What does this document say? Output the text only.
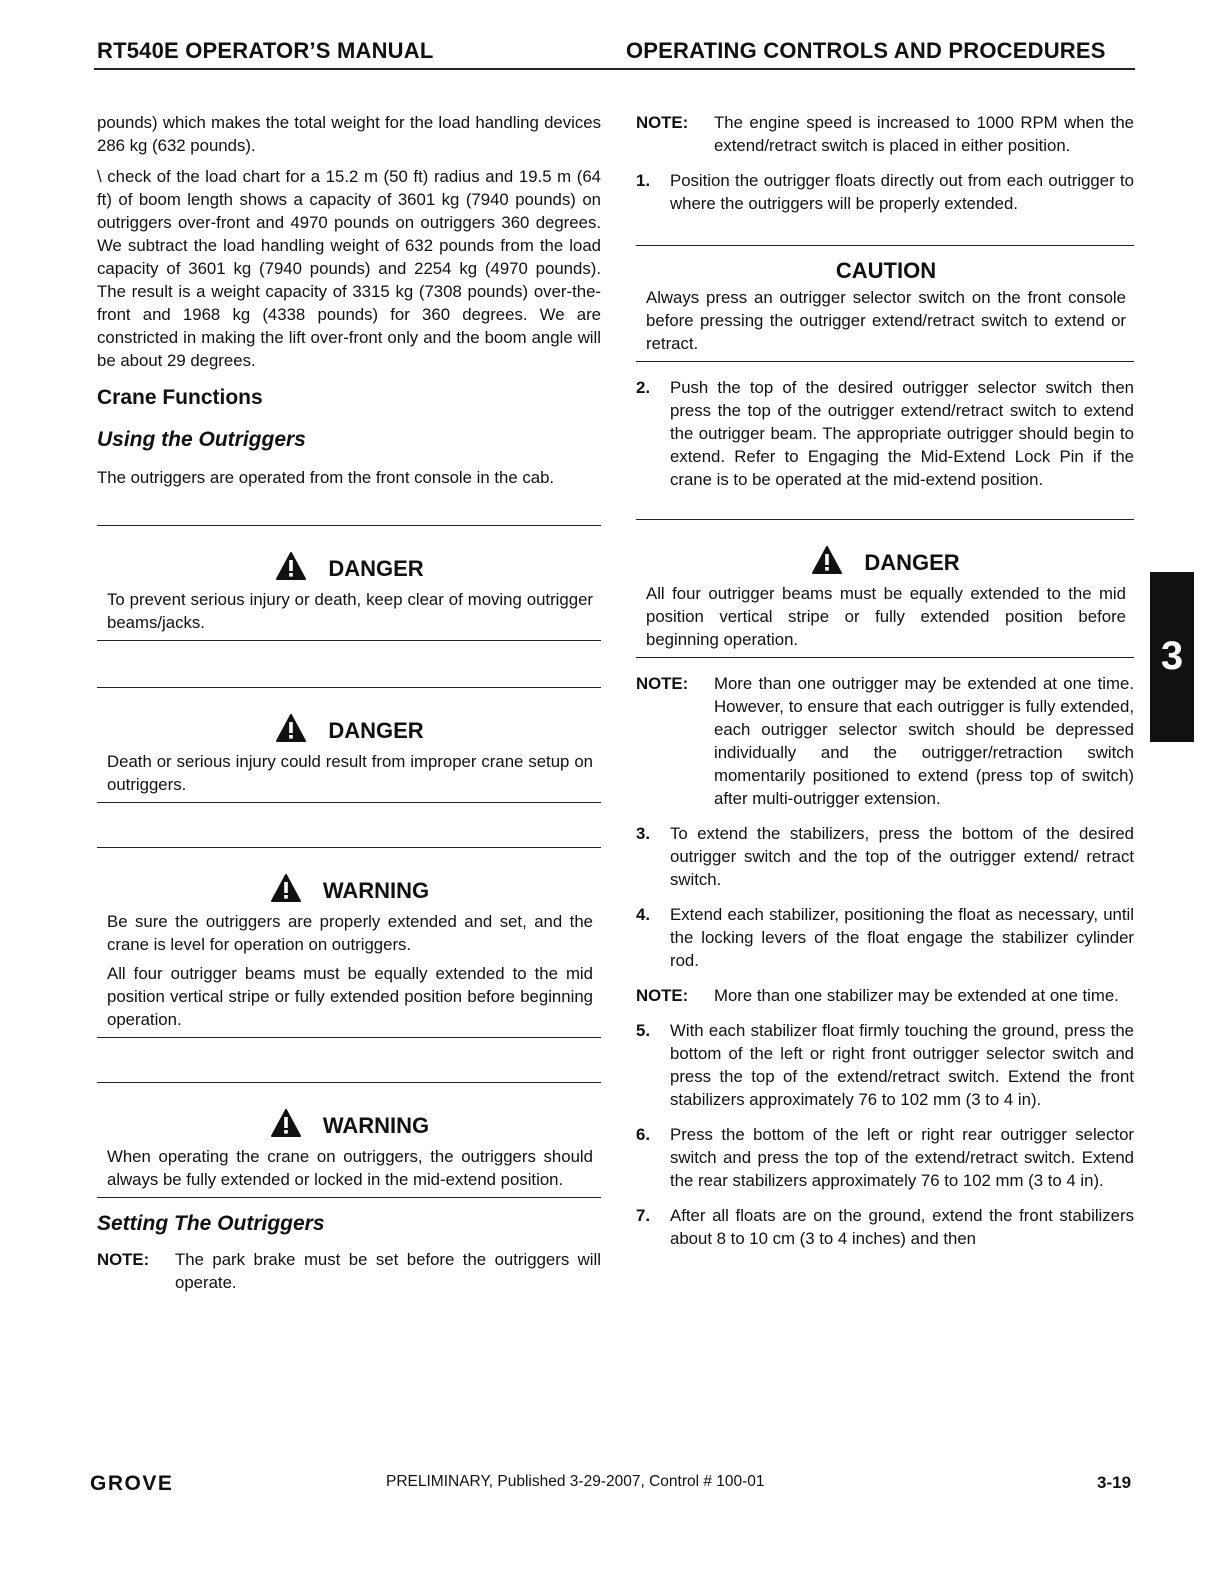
RT540E OPERATOR’S MANUAL	OPERATING CONTROLS AND PROCEDURES

pounds) which makes the total weight for the load handling devices 286 kg (632 pounds).

\ check of the load chart for a 15.2 m (50 ft) radius and 19.5 m (64 ft) of boom length shows a capacity of 3601 kg (7940 pounds) on outriggers over-front and 4970 pounds on outriggers 360 degrees. We subtract the load handling weight of 632 pounds from the load capacity of 3601 kg (7940 pounds) and 2254 kg (4970 pounds). The result is a weight capacity of 3315 kg (7308 pounds) over-the-front and 1968 kg (4338 pounds) for 360 degrees. We are constricted in making the lift over-front only and the boom angle will be about 29 degrees.

Crane Functions
Using the Outriggers

The outriggers are operated from the front console in the cab.

DANGER

To prevent serious injury or death, keep clear of moving outrigger beams/jacks.

DANGER

Death or serious injury could result from improper crane setup on outriggers.

WARNING

Be sure the outriggers are properly extended and set, and the crane is level for operation on outriggers.

All four outrigger beams must be equally extended to the mid position vertical stripe or fully extended position before beginning operation.

WARNING

When operating the crane on outriggers, the outriggers should always be fully extended or locked in the mid-extend position.

Setting The Outriggers
NOTE:	The park brake must be set before the outriggers will operate.
NOTE:	The engine speed is increased to 1000 RPM when the extend/retract switch is placed in either position.
1.	Position the outrigger floats directly out from each outrigger to where the outriggers will be properly extended.
CAUTION

Always press an outrigger selector switch on the front console before pressing the outrigger extend/retract switch to extend or retract.

2.	Push the top of the desired outrigger selector switch then press the top of the outrigger extend/retract switch to extend the outrigger beam. The appropriate outrigger should begin to extend. Refer to Engaging the Mid-Extend Lock Pin if the crane is to be operated at the mid-extend position.
DANGER

All four outrigger beams must be equally extended to the mid position vertical stripe or fully extended position before beginning operation.

NOTE:	More than one outrigger may be extended at one time. However, to ensure that each outrigger is fully extended, each outrigger selector switch should be depressed individually and the outrigger/retraction switch momentarily positioned to extend (press top of switch) after multi-outrigger extension.
3.	To extend the stabilizers, press the bottom of the desired outrigger switch and the top of the outrigger extend/ retract switch.
4.	Extend each stabilizer, positioning the float as necessary, until the locking levers of the float engage the stabilizer cylinder rod.
NOTE:	More than one stabilizer may be extended at one time.
5.	With each stabilizer float firmly touching the ground, press the bottom of the left or right front outrigger selector switch and press the top of the extend/retract switch. Extend the front stabilizers approximately 76 to 102 mm (3 to 4 in).
6.	Press the bottom of the left or right rear outrigger selector switch and press the top of the extend/retract switch. Extend the rear stabilizers approximately 76 to 102 mm (3 to 4 in).
7.	After all floats are on the ground, extend the front stabilizers about 8 to 10 cm (3 to 4 inches) and then
3
GROVE	PRELIMINARY, Published 3-29-2007, Control # 100-01	3-19
